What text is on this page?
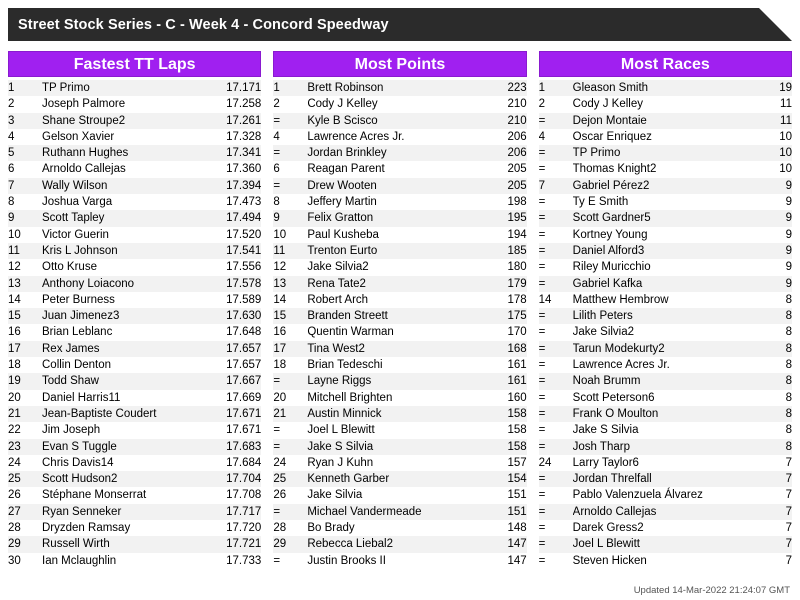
Street Stock Series - C - Week 4 - Concord Speedway
Fastest TT Laps
1	TP Primo	17.171
2	Joseph Palmore	17.258
3	Shane Stroupe2	17.261
4	Gelson Xavier	17.328
5	Ruthann Hughes	17.341
6	Arnoldo Callejas	17.360
7	Wally Wilson	17.394
8	Joshua Varga	17.473
9	Scott Tapley	17.494
10	Victor Guerin	17.520
11	Kris L Johnson	17.541
12	Otto Kruse	17.556
13	Anthony Loiacono	17.578
14	Peter Burness	17.589
15	Juan Jimenez3	17.630
16	Brian Leblanc	17.648
17	Rex James	17.657
18	Collin Denton	17.657
19	Todd Shaw	17.667
20	Daniel Harris11	17.669
21	Jean-Baptiste Coudert	17.671
22	Jim Joseph	17.671
23	Evan S Tuggle	17.683
24	Chris Davis14	17.684
25	Scott Hudson2	17.704
26	Stéphane Monserrat	17.708
27	Ryan Senneker	17.717
28	Dryzden Ramsay	17.720
29	Russell Wirth	17.721
30	Ian Mclaughlin	17.733
Most Points
1	Brett Robinson	223
2	Cody J Kelley	210
=	Kyle B Scisco	210
4	Lawrence Acres Jr.	206
=	Jordan Brinkley	206
6	Reagan Parent	205
=	Drew Wooten	205
8	Jeffery Martin	198
9	Felix Gratton	195
10	Paul Kusheba	194
11	Trenton Eurto	185
12	Jake Silvia2	180
13	Rena Tate2	179
14	Robert Arch	178
15	Branden Streett	175
16	Quentin Warman	170
17	Tina West2	168
18	Brian Tedeschi	161
=	Layne Riggs	161
20	Mitchell Brighten	160
21	Austin Minnick	158
=	Joel L Blewitt	158
=	Jake S Silvia	158
24	Ryan J Kuhn	157
25	Kenneth Garber	154
26	Jake Silvia	151
=	Michael Vandermeade	151
28	Bo Brady	148
29	Rebecca Liebal2	147
=	Justin Brooks II	147
Most Races
1	Gleason Smith	19
2	Cody J Kelley	11
=	Dejon Montaie	11
4	Oscar Enriquez	10
=	TP Primo	10
=	Thomas Knight2	10
7	Gabriel Pérez2	9
=	Ty E Smith	9
=	Scott Gardner5	9
=	Kortney Young	9
=	Daniel Alford3	9
=	Riley Muricchio	9
=	Gabriel Kafka	9
14	Matthew Hembrow	8
=	Lilith Peters	8
=	Jake Silvia2	8
=	Tarun Modekurty2	8
=	Lawrence Acres Jr.	8
=	Noah Brumm	8
=	Scott Peterson6	8
=	Frank O Moulton	8
=	Jake S Silvia	8
=	Josh Tharp	8
24	Larry Taylor6	7
=	Jordan Threlfall	7
=	Pablo Valenzuela Álvarez	7
=	Arnoldo Callejas	7
=	Darek Gress2	7
=	Joel L Blewitt	7
=	Steven Hicken	7
Updated 14-Mar-2022 21:24:07 GMT
